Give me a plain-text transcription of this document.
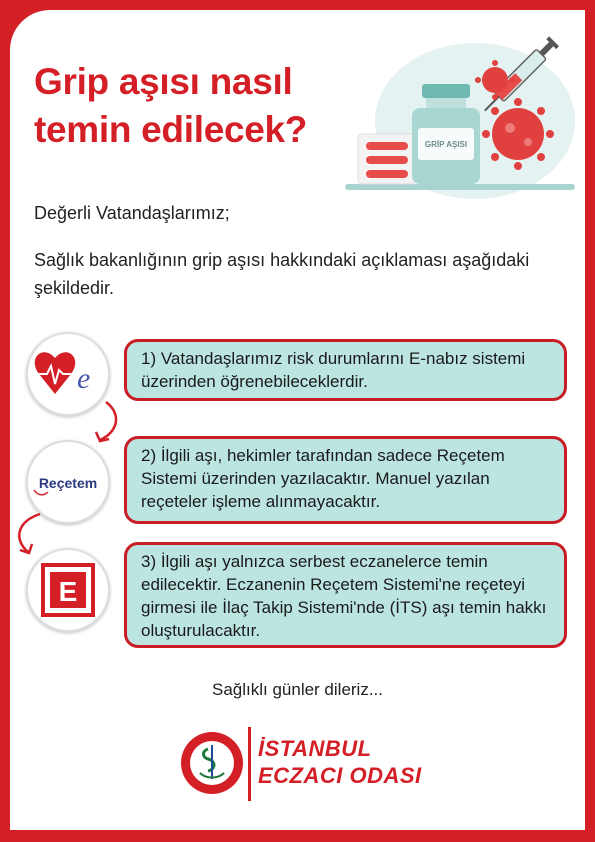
Grip aşısı nasıl
temin edilecek?	GRİP AŞISI

Değerli Vatandaşlarımız;

Sağlık bakanlığının grip aşısı hakkındaki açıklaması aşağıdaki şekildedir.

e
1) Vatandaşlarımız risk durumlarını E-nabız sistemi üzerinden öğrenebileceklerdir.
Reçetem
2) İlgili aşı, hekimler tarafından sadece Reçetem Sistemi üzerinden yazılacaktır. Manuel yazılan reçeteler işleme alınmayacaktır.
E
3) İlgili aşı yalnızca serbest eczanelerce temin edilecektir. Eczanenin Reçetem Sistemi'ne reçeteyi girmesi ile İlaç Takip Sistemi'nde (İTS) aşı temin hakkı oluşturulacaktır.

Sağlıklı günler dileriz...

İSTANBUL
ECZACI ODASI
